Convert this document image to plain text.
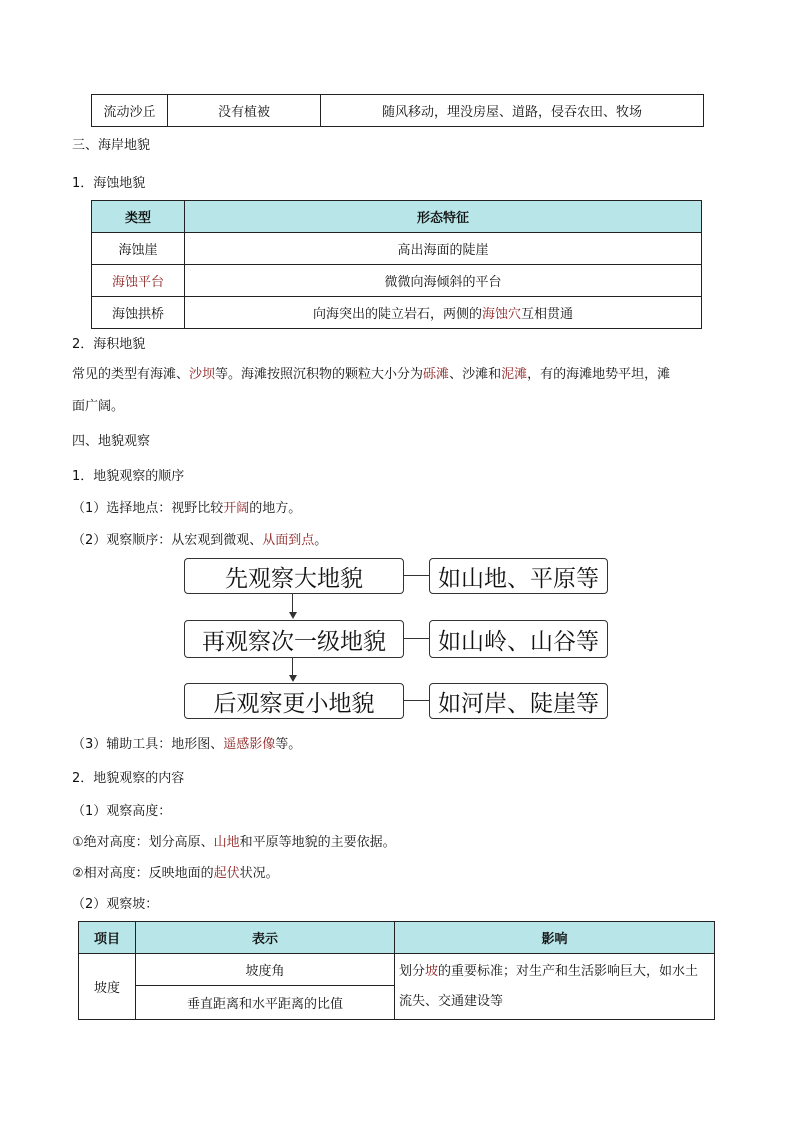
流动沙丘	没有植被	随风移动，埋没房屋、道路，侵吞农田、牧场
三、海岸地貌
1．海蚀地貌
类型	形态特征
海蚀崖	高出海面的陡崖
海蚀平台	微微向海倾斜的平台
海蚀拱桥	向海突出的陡立岩石，两侧的海蚀穴互相贯通
2．海积地貌
常见的类型有海滩、沙坝等。海滩按照沉积物的颗粒大小分为砾滩、沙滩和泥滩，有的海滩地势平坦，滩
面广阔。
四、地貌观察
1．地貌观察的顺序
（1）选择地点：视野比较开阔的地方。
（2）观察顺序：从宏观到微观、从面到点。
先观察大地貌
再观察次一级地貌
后观察更小地貌
如山地、平原等
如山岭、山谷等
如河岸、陡崖等
（3）辅助工具：地形图、遥感影像等。
2．地貌观察的内容
（1）观察高度：
①绝对高度：划分高原、山地和平原等地貌的主要依据。
②相对高度：反映地面的起伏状况。
（2）观察坡：
项目	表示	影响
坡度	坡度角	划分坡的重要标准；对生产和生活影响巨大，如水土
流失、交通建设等
	垂直距离和水平距离的比值	
